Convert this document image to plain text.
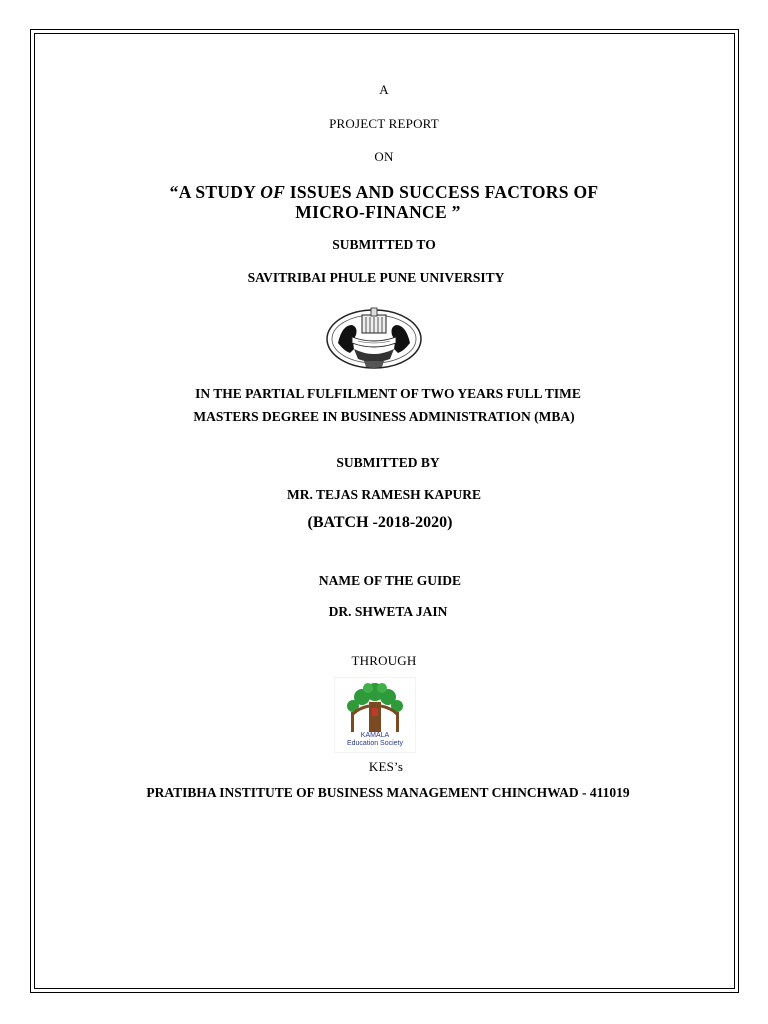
A
PROJECT REPORT
ON
“A STUDY OF ISSUES AND SUCCESS FACTORS OF
MICRO-FINANCE ”
SUBMITTED TO
SAVITRIBAI PHULE PUNE UNIVERSITY
IN THE PARTIAL FULFILMENT OF TWO YEARS FULL TIME
MASTERS DEGREE IN BUSINESS ADMINISTRATION (MBA)
SUBMITTED BY
MR. TEJAS RAMESH KAPURE
(BATCH -2018-2020)
NAME OF THE GUIDE
DR. SHWETA JAIN
THROUGH
KAMALA
Education Society
KES’s
PRATIBHA INSTITUTE OF BUSINESS MANAGEMENT CHINCHWAD - 411019
